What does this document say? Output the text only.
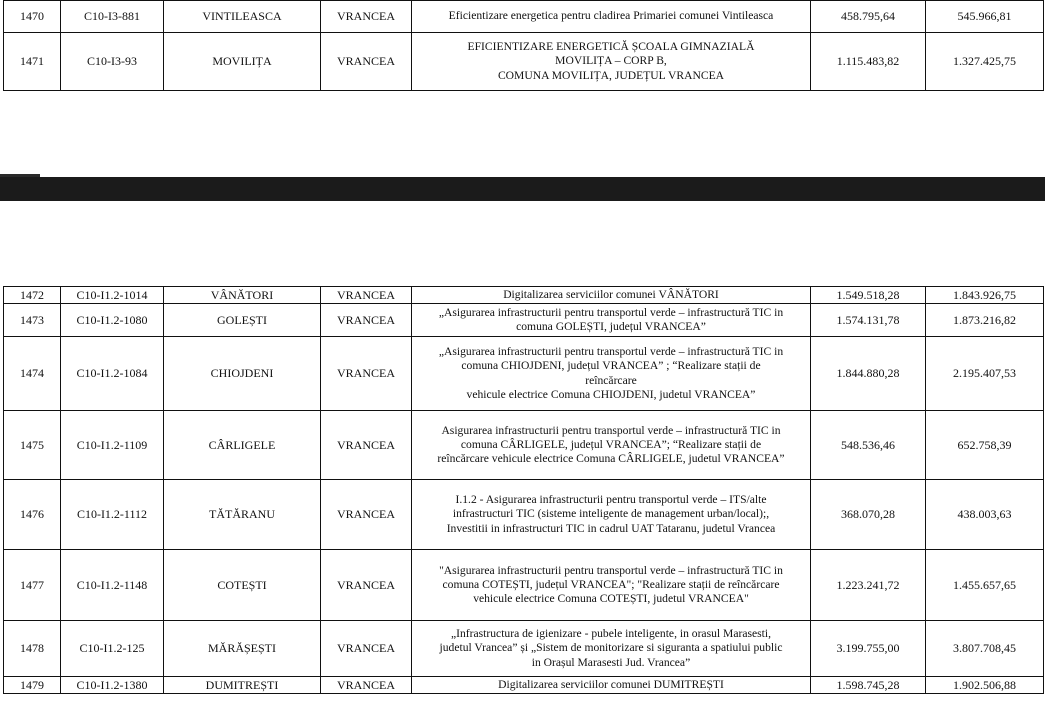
1470	C10-I3-881	VINTILEASCA	VRANCEA	Eficientizare energetica pentru cladirea Primariei comunei Vintileasca	458.795,64	545.966,81
1471	C10-I3-93	MOVILIȚA	VRANCEA	EFICIENTIZARE ENERGETICĂ ȘCOALA GIMNAZIALĂ
MOVILIȚA – CORP B,
COMUNA MOVILIȚA, JUDEȚUL VRANCEA	1.115.483,82	1.327.425,75
1472	C10-I1.2-1014	VÂNĂTORI	VRANCEA	Digitalizarea serviciilor comunei VÂNĂTORI	1.549.518,28	1.843.926,75
1473	C10-I1.2-1080	GOLEȘTI	VRANCEA	„Asigurarea infrastructurii pentru transportul verde – infrastructură TIC in
comuna GOLEȘTI, județul VRANCEA”	1.574.131,78	1.873.216,82
1474	C10-I1.2-1084	CHIOJDENI	VRANCEA	„Asigurarea infrastructurii pentru transportul verde – infrastructură TIC in
comuna CHIOJDENI, județul VRANCEA” ; “Realizare stații de
reîncărcare
vehicule electrice Comuna CHIOJDENI, judetul VRANCEA”	1.844.880,28	2.195.407,53
1475	C10-I1.2-1109	CÂRLIGELE	VRANCEA	Asigurarea infrastructurii pentru transportul verde – infrastructură TIC in
comuna CÂRLIGELE, județul VRANCEA”; “Realizare stații de
reîncărcare vehicule electrice Comuna CÂRLIGELE, judetul VRANCEA”	548.536,46	652.758,39
1476	C10-I1.2-1112	TĂTĂRANU	VRANCEA	I.1.2 - Asigurarea infrastructurii pentru transportul verde – ITS/alte
infrastructuri TIC (sisteme inteligente de management urban/local);,
Investitii in infrastructuri TIC in cadrul UAT Tataranu, judetul Vrancea	368.070,28	438.003,63
1477	C10-I1.2-1148	COTEȘTI	VRANCEA	"Asigurarea infrastructurii pentru transportul verde – infrastructură TIC in
comuna COTEȘTI, județul VRANCEA"; "Realizare stații de reîncărcare
vehicule electrice Comuna COTEȘTI, judetul VRANCEA"	1.223.241,72	1.455.657,65
1478	C10-I1.2-125	MĂRĂȘEȘTI	VRANCEA	„Infrastructura de igienizare - pubele inteligente, in orasul Marasesti,
judetul Vrancea” și „Sistem de monitorizare si siguranta a spatiului public
in Orașul Marasesti Jud. Vrancea”	3.199.755,00	3.807.708,45
1479	C10-I1.2-1380	DUMITREȘTI	VRANCEA	Digitalizarea serviciilor comunei DUMITREȘTI	1.598.745,28	1.902.506,88
